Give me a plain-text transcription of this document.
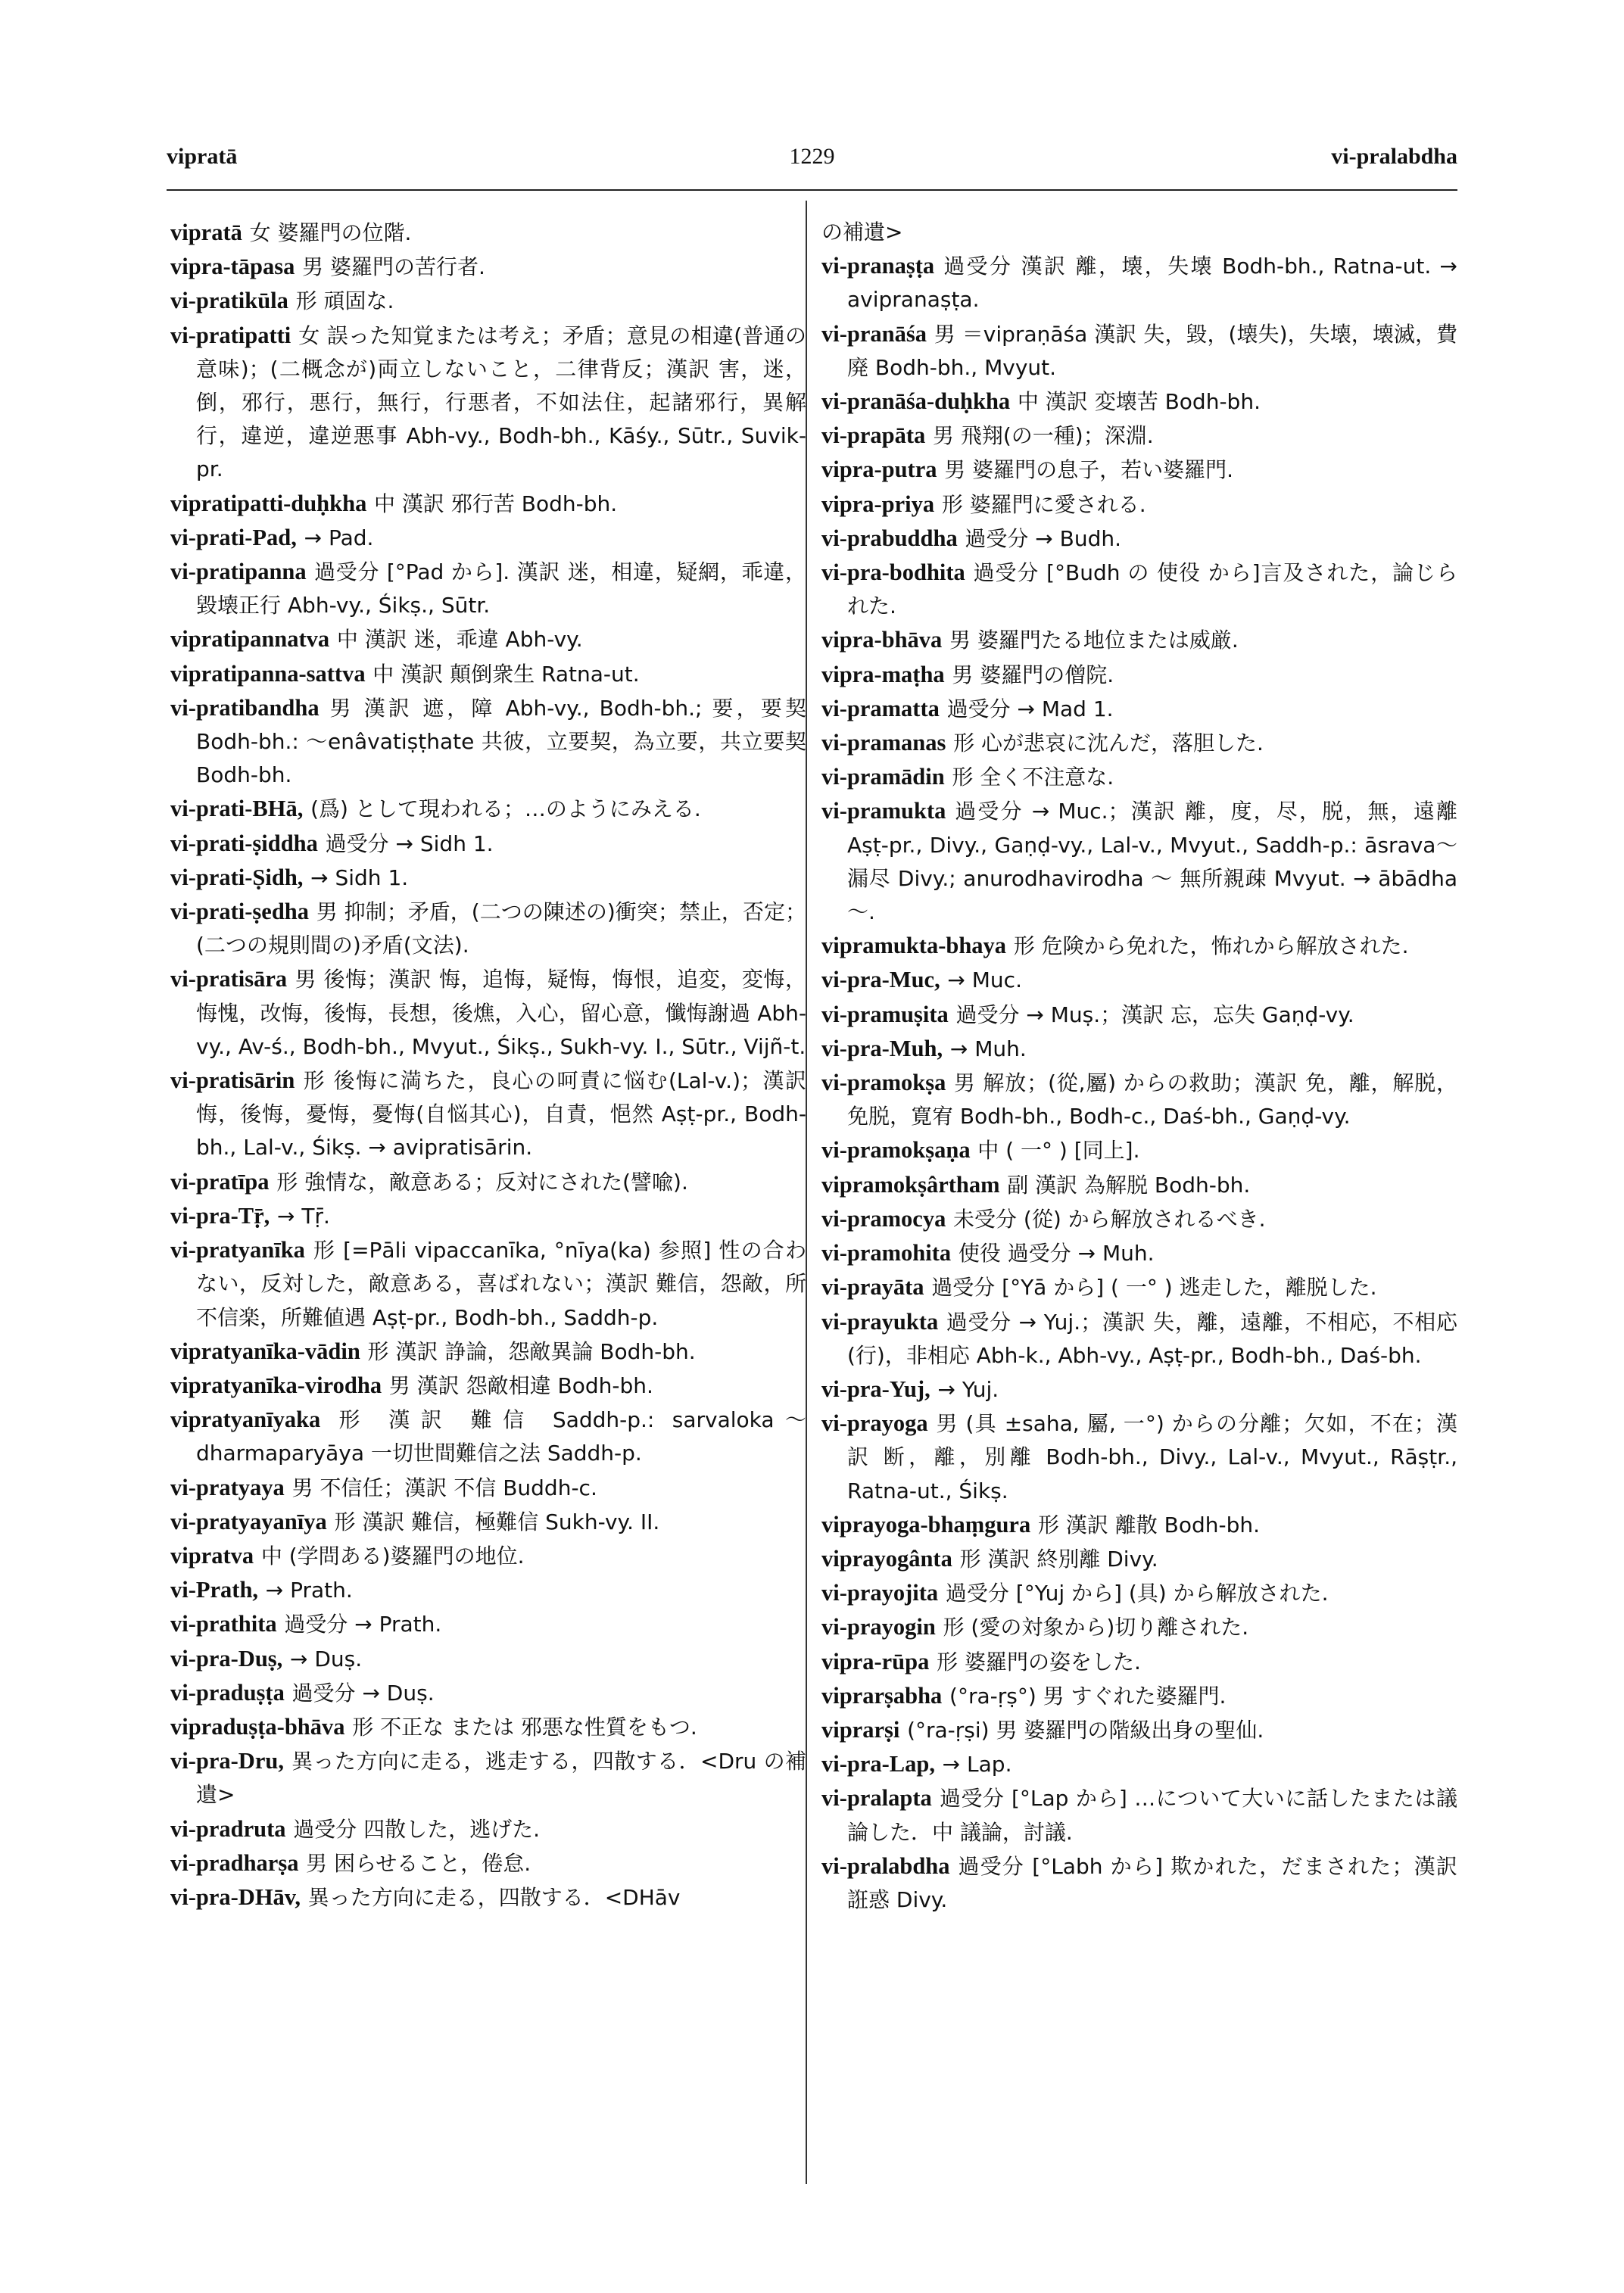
vipratā	1229	vi-pralabdha

vipratā 女 婆羅門の位階.

vipra-tāpasa 男 婆羅門の苦行者.

vi-pratikūla 形 頑固な.

vi-pratipatti 女 誤った知覚または考え；矛盾；意見の相違(普通の意味)；(二概念が)両立しないこと，二律背反；漢訳 害，迷，倒，邪行，悪行，無行，行悪者，不如法住，起諸邪行，異解行，違逆，違逆悪事 Abh-vy., Bodh-bh., Kāśy., Sūtr., Suvik-pr.

vipratipatti-duḥkha 中 漢訳 邪行苦 Bodh-bh.

vi-prati-Pad, → Pad.

vi-pratipanna 過受分 [°Pad から]. 漢訳 迷，相違，疑網，乖違，毀壊正行 Abh-vy., Śikṣ., Sūtr.

vipratipannatva 中 漢訳 迷，乖違 Abh-vy.

vipratipanna-sattva 中 漢訳 顛倒衆生 Ratna-ut.

vi-pratibandha 男 漢訳 遮，障 Abh-vy., Bodh-bh.; 要，要契 Bodh-bh.: ～enâvatiṣṭhate 共彼，立要契，為立要，共立要契 Bodh-bh.

vi-prati-BHā, (爲) として現われる；…のようにみえる.

vi-prati-ṣiddha 過受分 → Sidh 1.

vi-prati-Ṣidh, → Sidh 1.

vi-prati-ṣedha 男 抑制；矛盾，(二つの陳述の)衝突；禁止，否定；(二つの規則間の)矛盾(文法).

vi-pratisāra 男 後悔；漢訳 悔，追悔，疑悔，悔恨，追変，変悔，悔愧，改悔，後悔，長想，後燋，入心，留心意，懺悔謝過 Abh-vy., Av-ś., Bodh-bh., Mvyut., Śikṣ., Sukh-vy. I., Sūtr., Vijñ-t.

vi-pratisārin 形 後悔に満ちた，良心の呵責に悩む(Lal-v.)；漢訳 悔，後悔，憂悔，憂悔(自悩其心)，自責，悒然 Aṣṭ-pr., Bodh-bh., Lal-v., Śikṣ. → avipratisārin.

vi-pratīpa 形 強情な，敵意ある；反対にされた(譬喩).

vi-pra-Tṝ, → Tṝ.

vi-pratyanīka 形 [=Pāli vipaccanīka, °nīya(ka) 参照] 性の合わない，反対した，敵意ある，喜ばれない；漢訳 難信，怨敵，所不信楽，所難値遇 Aṣṭ-pr., Bodh-bh., Saddh-p.

vipratyanīka-vādin 形 漢訳 諍論，怨敵異論 Bodh-bh.

vipratyanīka-virodha 男 漢訳 怨敵相違 Bodh-bh.

vipratyanīyaka 形 漢訳 難信 Saddh-p.: sarvaloka～dharmaparyāya 一切世間難信之法 Saddh-p.

vi-pratyaya 男 不信任；漢訳 不信 Buddh-c.

vi-pratyayanīya 形 漢訳 難信，極難信 Sukh-vy. II.

vipratva 中 (学問ある)婆羅門の地位.

vi-Prath, → Prath.

vi-prathita 過受分 → Prath.

vi-pra-Duṣ, → Duṣ.

vi-praduṣṭa 過受分 → Duṣ.

vipraduṣṭa-bhāva 形 不正な または 邪悪な性質をもつ.

vi-pra-Dru, 異った方向に走る，逃走する，四散する．<Dru の補遺>

vi-pradruta 過受分 四散した，逃げた.

vi-pradharṣa 男 困らせること，倦怠.

vi-pra-DHāv, 異った方向に走る，四散する．<DHāv

の補遺>

vi-pranaṣṭa 過受分 漢訳 離，壊，失壊 Bodh-bh., Ratna-ut. → avipranaṣṭa.

vi-pranāśa 男 ＝vipraṇāśa 漢訳 失，毀，(壊失)，失壊，壊滅，費廃 Bodh-bh., Mvyut.

vi-pranāśa-duḥkha 中 漢訳 変壊苦 Bodh-bh.

vi-prapāta 男 飛翔(の一種)；深淵.

vipra-putra 男 婆羅門の息子，若い婆羅門.

vipra-priya 形 婆羅門に愛される.

vi-prabuddha 過受分 → Budh.

vi-pra-bodhita 過受分 [°Budh の 使役 から]言及された，論じられた.

vipra-bhāva 男 婆羅門たる地位または威厳.

vipra-maṭha 男 婆羅門の僧院.

vi-pramatta 過受分 → Mad 1.

vi-pramanas 形 心が悲哀に沈んだ，落胆した.

vi-pramādin 形 全く不注意な.

vi-pramukta 過受分 → Muc.；漢訳 離，度，尽，脱，無，遠離 Aṣṭ-pr., Divy., Gaṇḍ-vy., Lal-v., Mvyut., Saddh-p.: āsrava～ 漏尽 Divy.; anurodhavirodha ～ 無所親疎 Mvyut. → ābādha～.

vipramukta-bhaya 形 危険から免れた，怖れから解放された.

vi-pra-Muc, → Muc.

vi-pramuṣita 過受分 → Muṣ.；漢訳 忘，忘失 Gaṇḍ-vy.

vi-pra-Muh, → Muh.

vi-pramokṣa 男 解放；(從,屬) からの救助；漢訳 免，離，解脱，免脱，寛宥 Bodh-bh., Bodh-c., Daś-bh., Gaṇḍ-vy.

vi-pramokṣaṇa 中 ( 一° ) [同上].

vipramokṣârtham 副 漢訳 為解脱 Bodh-bh.

vi-pramocya 未受分 (從) から解放されるべき.

vi-pramohita 使役 過受分 → Muh.

vi-prayāta 過受分 [°Yā から] ( 一° ) 逃走した，離脱した.

vi-prayukta 過受分 → Yuj.；漢訳 失，離，遠離，不相応，不相応(行)，非相応 Abh-k., Abh-vy., Aṣṭ-pr., Bodh-bh., Daś-bh.

vi-pra-Yuj, → Yuj.

vi-prayoga 男 (具 ±saha, 屬, 一°) からの分離；欠如，不在；漢訳 断，離，別離 Bodh-bh., Divy., Lal-v., Mvyut., Rāṣṭr., Ratna-ut., Śikṣ.

viprayoga-bhaṃgura 形 漢訳 離散 Bodh-bh.

viprayogânta 形 漢訳 終別離 Divy.

vi-prayojita 過受分 [°Yuj から] (具) から解放された.

vi-prayogin 形 (愛の対象から)切り離された.

vipra-rūpa 形 婆羅門の姿をした.

viprarṣabha (°ra-ṛṣ°) 男 すぐれた婆羅門.

viprarṣi (°ra-ṛṣi) 男 婆羅門の階級出身の聖仙.

vi-pra-Lap, → Lap.

vi-pralapta 過受分 [°Lap から] …について大いに話したまたは議論した．中 議論，討議.

vi-pralabdha 過受分 [°Labh から] 欺かれた，だまされた；漢訳 誑惑 Divy.
